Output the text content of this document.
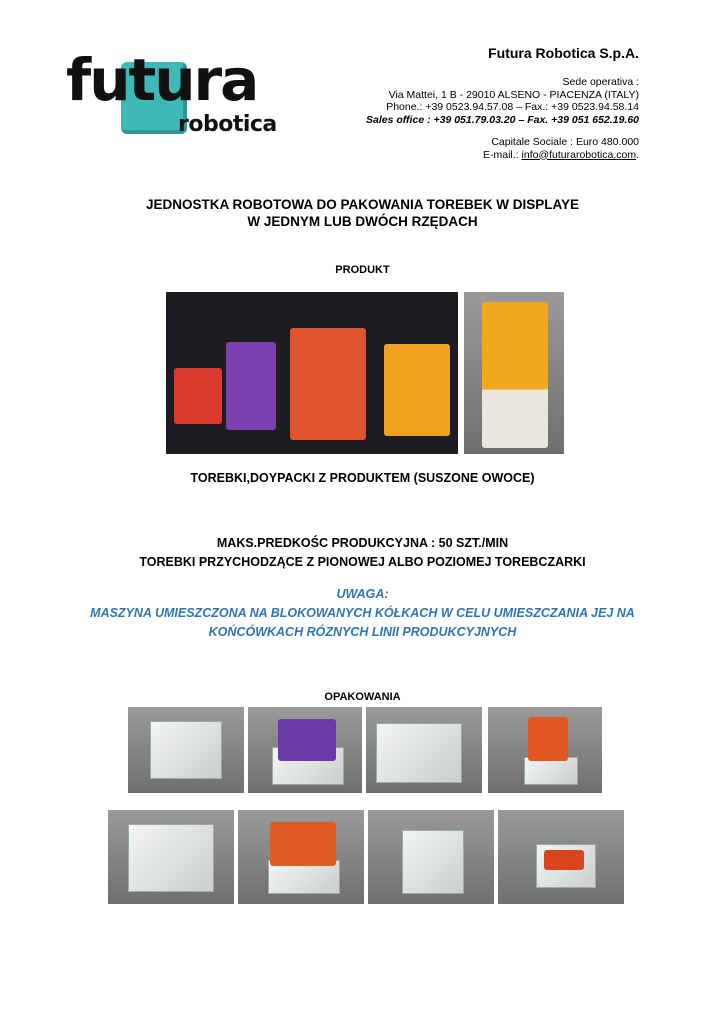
futura
robotica
Futura Robotica S.p.A.
Sede operativa :
Via Mattei, 1 B - 29010 ALSENO - PIACENZA (ITALY)
Phone.: +39 0523.94.57.08 – Fax.: +39 0523.94.58.14
Sales office : +39 051.79.03.20 – Fax. +39 051 652.19.60
Capitale Sociale : Euro 480.000
E-mail.: info@futurarobotica.com.
JEDNOSTKA ROBOTOWA DO PAKOWANIA TOREBEK W DISPLAYE
W JEDNYM LUB DWÓCH RZĘDACH
PRODUKT
TOREBKI,DOYPACKI Z PRODUKTEM (SUSZONE OWOCE)
MAKS.PREDKOŚC PRODUKCYJNA : 50 SZT./MIN
TOREBKI PRZYCHODZĄCE Z PIONOWEJ ALBO POZIOMEJ TOREBCZARKI
UWAGA:
MASZYNA UMIESZCZONA NA BLOKOWANYCH KÓŁKACH W CELU UMIESZCZANIA JEJ NA
KOŃCÓWKACH RÓZNYCH LINII PRODUKCYJNYCH
OPAKOWANIA
